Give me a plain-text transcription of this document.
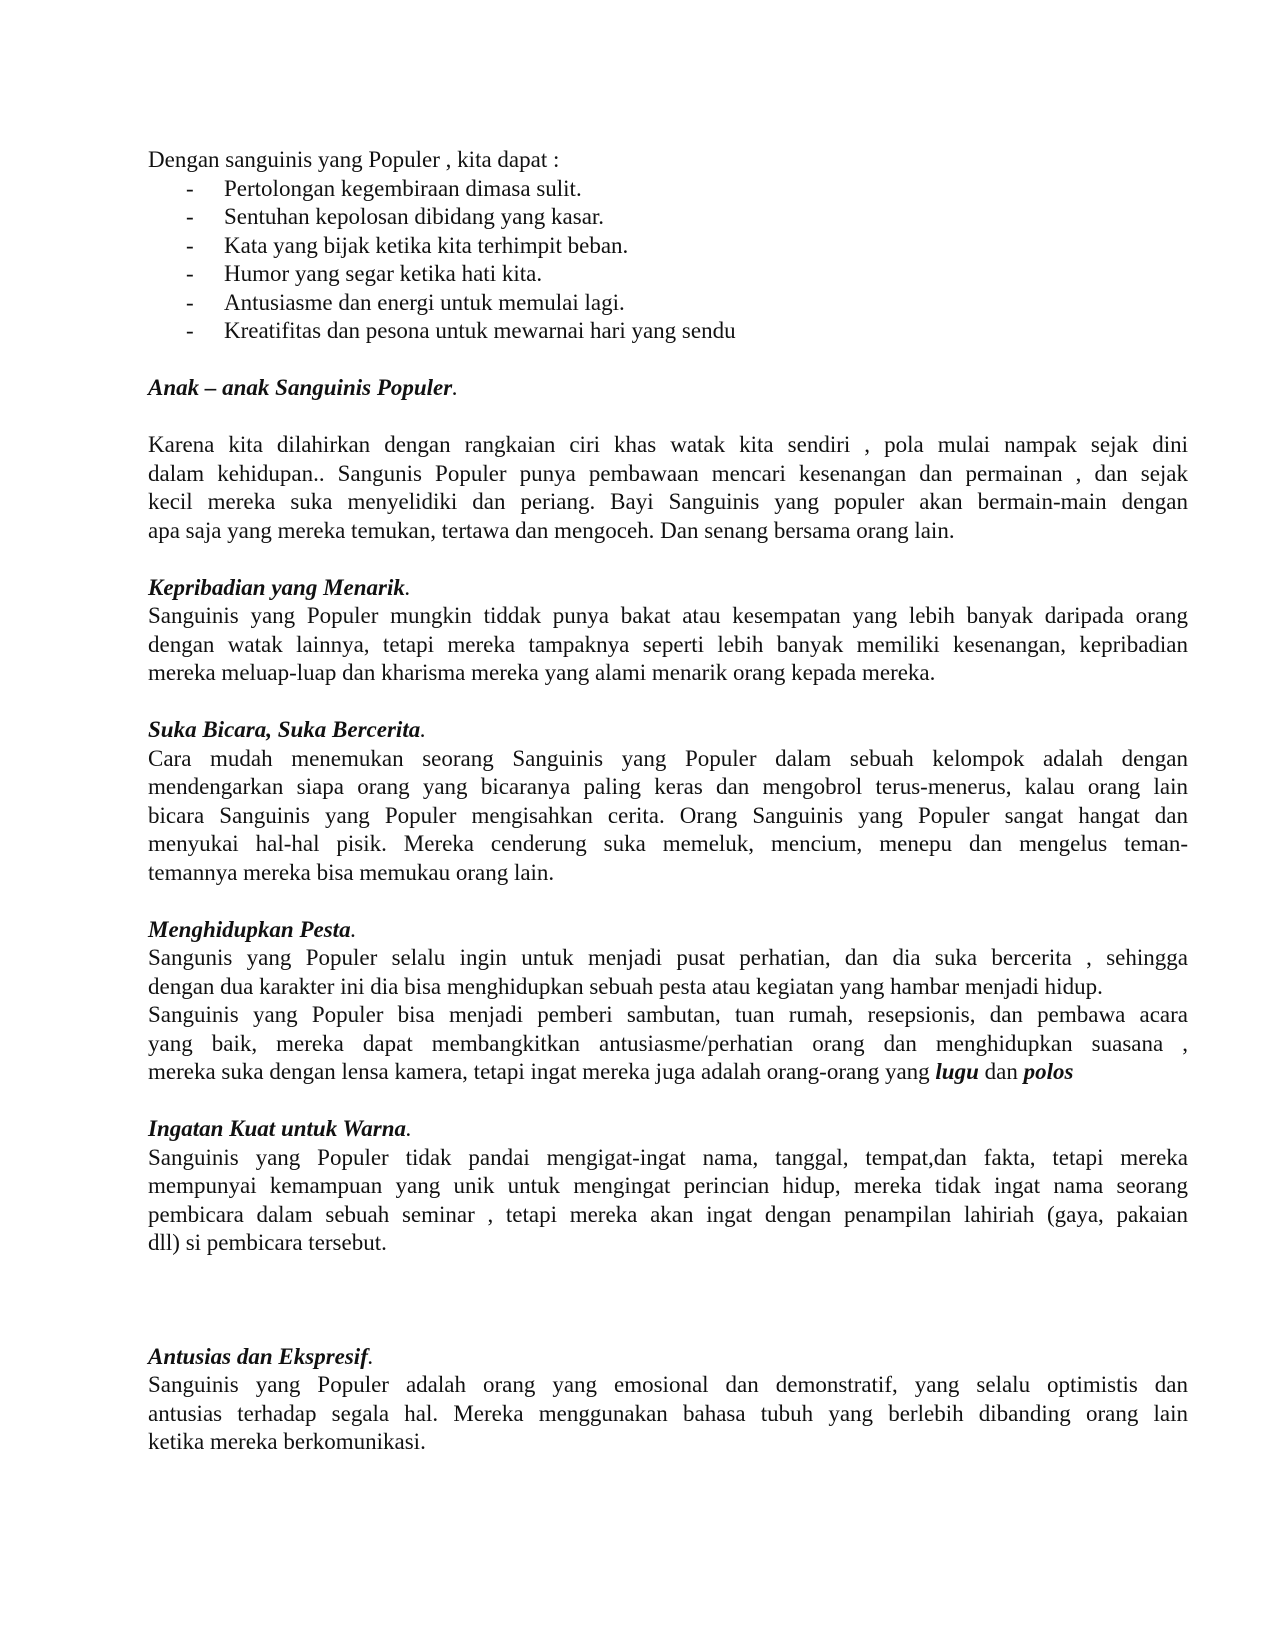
Dengan sanguinis yang Populer , kita dapat :

- Pertolongan kegembiraan dimasa sulit.
- Sentuhan kepolosan dibidang yang kasar.
- Kata yang bijak ketika kita terhimpit beban.
- Humor yang segar ketika hati kita.
- Antusiasme dan energi untuk memulai lagi.
- Kreatifitas dan pesona untuk mewarnai hari yang sendu

Anak – anak Sanguinis Populer.

Karena kita dilahirkan dengan rangkaian ciri khas watak kita sendiri , pola mulai nampak sejak dini
dalam kehidupan.. Sangunis Populer punya pembawaan mencari kesenangan dan permainan , dan sejak
kecil mereka suka menyelidiki dan periang. Bayi Sanguinis yang populer akan bermain-main dengan
apa saja yang mereka temukan, tertawa dan mengoceh. Dan senang bersama orang lain.

Kepribadian yang Menarik.

Sanguinis yang Populer mungkin tiddak punya bakat atau kesempatan yang lebih banyak daripada orang
dengan watak lainnya, tetapi mereka tampaknya seperti lebih banyak memiliki kesenangan, kepribadian
mereka meluap-luap dan kharisma mereka yang alami menarik orang kepada mereka.

Suka Bicara, Suka Bercerita.

Cara mudah menemukan seorang Sanguinis yang Populer dalam sebuah kelompok adalah dengan
mendengarkan siapa orang yang bicaranya paling keras dan mengobrol terus-menerus, kalau orang lain
bicara Sanguinis yang Populer mengisahkan cerita. Orang Sanguinis yang Populer sangat hangat dan
menyukai hal-hal pisik. Mereka cenderung suka memeluk, mencium, menepu dan mengelus teman-
temannya mereka bisa memukau orang lain.

Menghidupkan Pesta.

Sangunis yang Populer selalu ingin untuk menjadi pusat perhatian, dan dia suka bercerita , sehingga
dengan dua karakter ini dia bisa menghidupkan sebuah pesta atau kegiatan yang hambar menjadi hidup.
Sanguinis yang Populer bisa menjadi pemberi sambutan, tuan rumah, resepsionis, dan pembawa acara
yang baik, mereka dapat membangkitkan antusiasme/perhatian orang dan menghidupkan suasana ,
mereka suka dengan lensa kamera, tetapi ingat mereka juga adalah orang-orang yang lugu dan polos

Ingatan Kuat untuk Warna.

Sanguinis yang Populer tidak pandai mengigat-ingat nama, tanggal, tempat,dan fakta, tetapi mereka
mempunyai kemampuan yang unik untuk mengingat perincian hidup, mereka tidak ingat nama seorang
pembicara dalam sebuah seminar , tetapi mereka akan ingat dengan penampilan lahiriah (gaya, pakaian
dll) si pembicara tersebut.

Antusias dan Ekspresif.

Sanguinis yang Populer adalah orang yang emosional dan demonstratif, yang selalu optimistis dan
antusias terhadap segala hal. Mereka menggunakan bahasa tubuh yang berlebih dibanding orang lain
ketika mereka berkomunikasi.
